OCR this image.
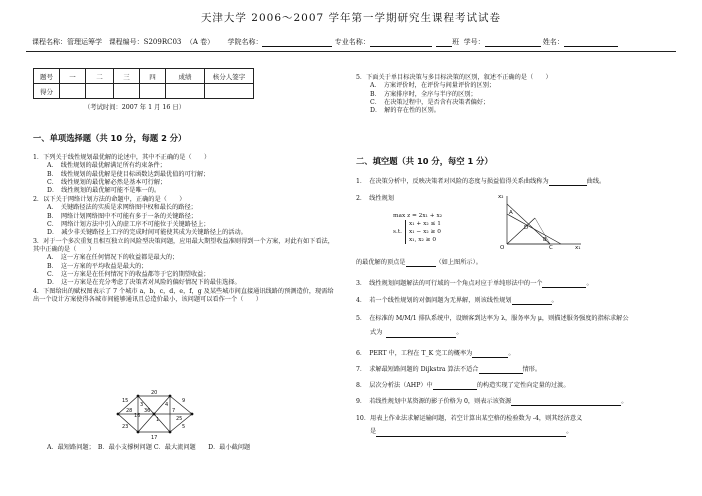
天津大学 2006～2007 学年第一学期研究生课程考试试卷
课程名称：管理运筹学 课程编号：S209RC03 （A 卷） 学院名称：	专业名称：	班 学号：	姓名：
题号	一	二	三	四	成绩	核分人签字
得分						
（考试时间：2007 年 1 月 16 日）
一、单项选择题（共 10 分，每题 2 分）
1．下列关于线性规划最优解的论述中，其中不正确的是（　　）
A．　线性规划的最优解满足所有约束条件；
B．　线性规划的最优解是使目标函数达到最优值的可行解；
C．　线性规划的最优解必然是基本可行解；
D．　线性规划的最优解可能不是唯一的。
2．以下关于网络计划方法的命题中，正确的是（　　）
A．　关键路径法的实质是求网络图中权和最长的路径；
B．　网络计划网络图中不可能有多于一条的关键路径；
C．　网络计划方法中引入的虚工序不可能位于关键路径上；
D．　减少非关键路径上工序的完成时间可能使其成为关键路径上的活动。
3．对于一个多次重复且相互独立的风险型决策问题，应用最大期望收益准则得到一个方案，对此有如下看法，其中正确的是（　　）
A．　这一方案在任何情况下的收益都是最大的；
B．　这一方案的平均收益是最大的；
C．　这一方案是在任何情况下的收益都等于它的期望收益；
D．　这一方案是在充分考虑了决策者对风险的偏好情况下的最佳选择。
4．下图给出的赋权图表示了 7 个城市 a，b，c，d，e，f，g 及某些城市间直接通讯线路的预测造价，现需给出一个设计方案使得各城市间能够通讯且总造价最小，该问题可以看作一个（　　）
20
15	9
3	4
28	7
36
25
16
1
23	5
17
A．最短路问题；　B．最小支撑树问题 C．最大流问题　　D．最小截问题
5．下面关于单目标决策与多目标决策的区别，叙述不正确的是（　　）
A．　方案评价时，在评价与间量评价的区别；
B．　方案排序时，全序与半序的区别；
C．　在决策过程中，是否含有决策者偏好；
D．　解的存在性的区别。
二、填空题（共 10 分，每空 1 分）
1．　在决策分析中，反映决策者对风险的态度与损益值得关系曲线称为	曲线。
2．　线性规划
max z = 2x₁ + x₂
s.t.
x₁ + x₂ ≤ 1
x₁ − x₂ ≥ 0
x₁, x₂ ≥ 0
x₂
A
D
B
O	C	x₁
的最优解的顶点是	（如上图所示）。
3．　线性规划问题解法的可行域的一个角点对应于单纯形法中的一个	。
4．　若一个线性规划的对偶问题为无界解，则该线性规划	。
5．　在标准的 M/M/1 排队系统中，设顾客到达率为 λ，服务率为 μ，则描述服务强度的指标求解公
式为	。
6．　PERT 中，工程在 T_K 完工的概率为	。
7．　求解最短路问题的 Dijkstra 算法不适合	情形。
8．　层次分析法（AHP）中	的构造实现了定性向定量的过渡。
9．　若线性规划中某资源的影子价格为 0，则表示该资源	。
10．用表上作业法求解运输问题，若空计算出某空格的检验数为 -4，则其经济意义
是	。
